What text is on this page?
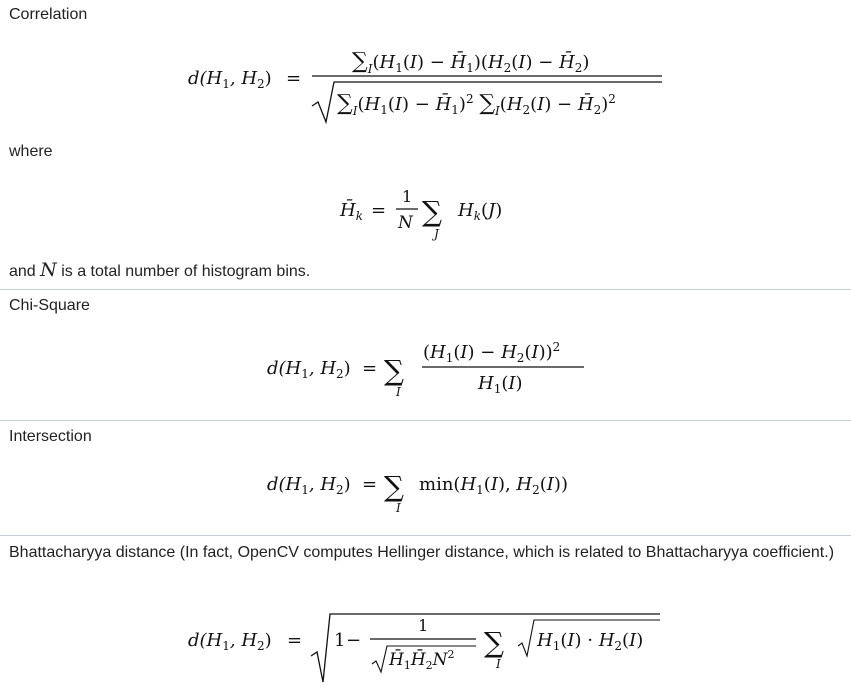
Correlation
$d(H_1$, $H_2$) =
$\sum_I(H_1(I)$ − $H̄_1)(H_2(I)$ − $H̄_2$)
$\sum_I(H_1(I)$ − $H̄_1)^2$ $\sum_I(H_2(I)$ − $H̄_2)^2$
where
$H̄_k$ =
1
N ∑
J
$H_k(J)$
and N is a total number of histogram bins.
Chi-Square
$d(H_1$, $H_2$) = ∑
I
$(H_1(I) - H_2(I))^2$
$H_1(I)$
Intersection
$d(H_1$, $H_2$) = ∑
I
$\min(H_1(I)$, $H_2(I)$)
Bhattacharyya distance (In fact, OpenCV computes Hellinger distance, which is related to Bhattacharyya coefficient.)
$d(H_1$, $H_2) = 1$ −
1
$H̄_1H̄_2N^2$ ∑
I
$H_1(I) \cdot H_2(I)$
